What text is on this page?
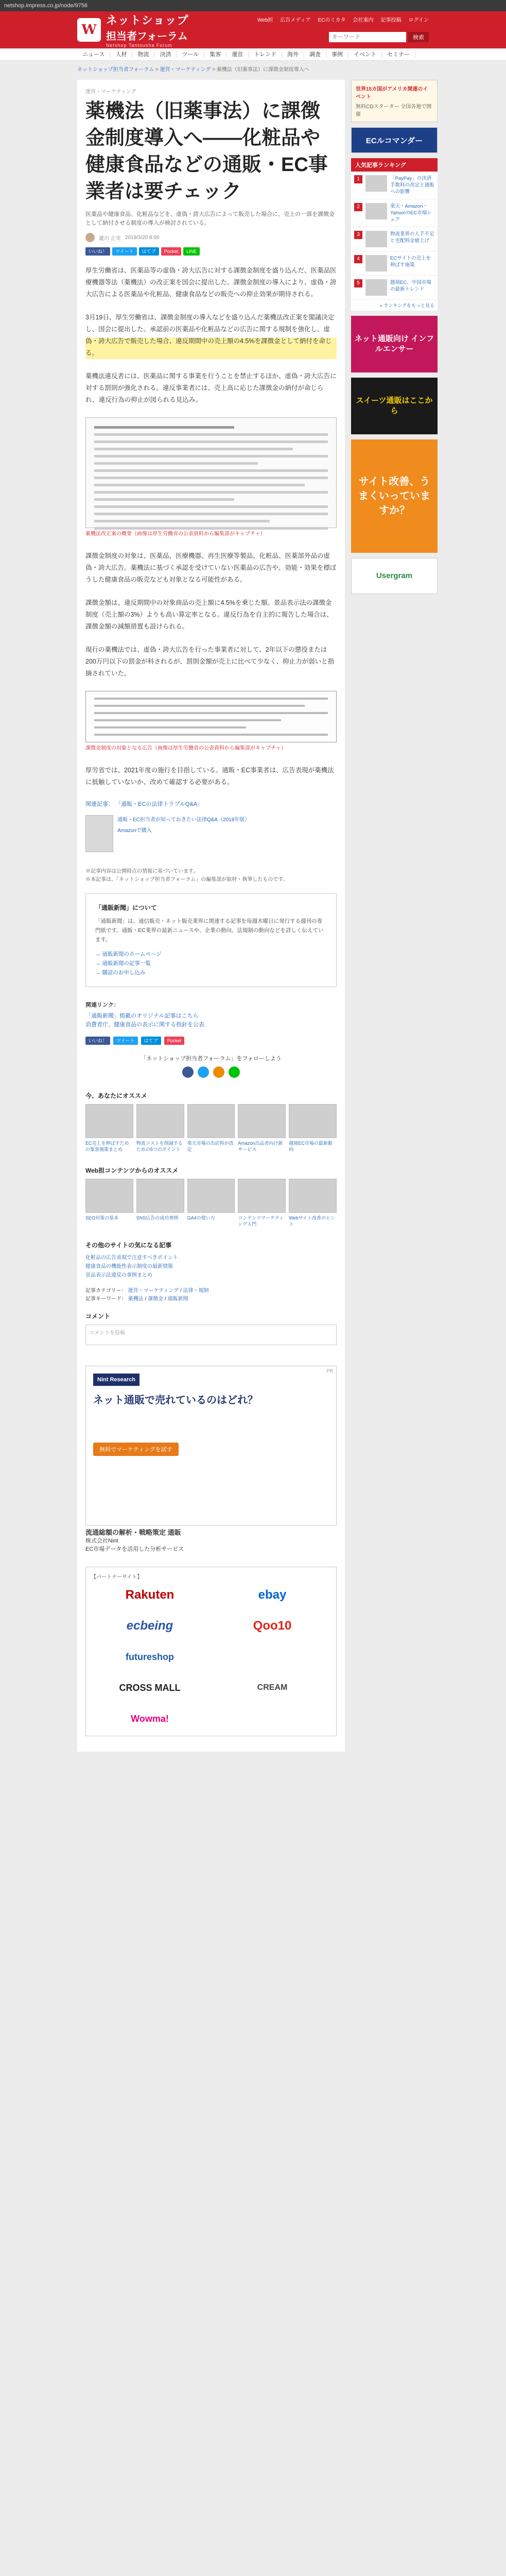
netshop.impress.co.jp/node/9756
W
ネットショップ
担当者フォーラム
Netshop Tantousha Forum
Web担 広告メディア ECのミカタ 会社案内 記事投稿 ログイン
キーワード
検索
ニュース	人材	物流	決済	ツール	集客	運営	トレンド	海外	調査	事例	イベント	セミナー
ネットショップ担当者フォーラム > 運営・マーケティング > 薬機法（旧薬事法）に課徴金制度導入へ
運営・マーケティング
薬機法（旧薬事法）に課徴金制度導入へ――化粧品や健康食品などの通販・EC事業者は要チェック
医薬品や健康食品、化粧品などを、虚偽・誇大広告によって販売した場合に、売上の一部を課徴金として納付させる制度の導入が検討されている。
瀧川 正実 2019/3/20 8:00
いいね！	ツイート	はてブ	Pocket	LINE

厚生労働省は、医薬品等の虚偽・誇大広告に対する課徴金制度を盛り込んだ、医薬品医療機器等法（薬機法）の改正案を国会に提出した。課徴金制度の導入により、虚偽・誇大広告による医薬品や化粧品、健康食品などの販売への抑止効果が期待される。

3月19日、厚生労働省は、課徴金制度の導入などを盛り込んだ薬機法改正案を閣議決定し、国会に提出した。承認前の医薬品や化粧品などの広告に関する規制を強化し、虚偽・誇大広告で販売した場合、違反期間中の売上額の4.5%を課徴金として納付を命じる。

薬機法違反者には、医薬品に関する事業を行うことを禁止するほか、虚偽・誇大広告に対する罰則が強化される。違反事業者には、売上高に応じた課徴金の納付が命じられ、違反行為の抑止が図られる見込み。

薬機法改正案の概要（画像は厚生労働省の公表資料から編集部がキャプチャ）

課徴金制度の対象は、医薬品、医療機器、再生医療等製品、化粧品、医薬部外品の虚偽・誇大広告。薬機法に基づく承認を受けていない医薬品の広告や、効能・効果を標ぼうした健康食品の販売なども対象となる可能性がある。

課徴金額は、違反期間中の対象商品の売上額に4.5%を乗じた額。景品表示法の課徴金制度（売上額の3%）よりも高い算定率となる。違反行為を自主的に報告した場合は、課徴金額の減額措置も設けられる。

現行の薬機法では、虚偽・誇大広告を行った事業者に対して、2年以下の懲役または200万円以下の罰金が科されるが、罰則金額が売上に比べて少なく、抑止力が弱いと指摘されていた。

課徴金制度の対象となる広告（画像は厚生労働省の公表資料から編集部がキャプチャ）

厚労省では、2021年度の施行を目指している。通販・EC事業者は、広告表現が薬機法に抵触していないか、改めて確認する必要がある。

関連記事： 「通販・ECの法律トラブルQ&A」
通販・EC担当者が知っておきたい法律Q&A（2018年版）
Amazonで購入
※記事内容は公開時点の情報に基づいています。
※本記事は、「ネットショップ担当者フォーラム」の編集部が取材・執筆したものです。
「通販新聞」について
「通販新聞」は、通信販売・ネット販売業界に関連する記事を毎週木曜日に発行する週刊の専門紙です。通販・EC業界の最新ニュースや、企業の動向、法規制の動向などを詳しく伝えています。
→ 通販新聞のホームページ
→ 通販新聞の記事一覧
→ 購読のお申し込み
関連リンク：
「通販新聞」掲載のオリジナル記事はこちら
消費者庁、健康食品の表示に関する指針を公表
いいね！	ツイート	はてブ	Pocket
「ネットショップ担当者フォーラム」をフォローしよう
今、あなたにオススメ
EC売上を伸ばすための集客施策まとめ
物流コストを削減するための5つのポイント
楽天市場の出店料が改定
Amazon出品者向け新サービス
越境EC市場の最新動向
Web担コンテンツからのオススメ
SEO対策の基本	SNS広告の成功事例	GA4の使い方	コンテンツマーケティング入門
Webサイト改善のヒント
その他のサイトの気になる記事
化粧品の広告表現で注意すべきポイント
健康食品の機能性表示制度の最新情報
景品表示法違反の事例まとめ
記事カテゴリー： 運営・マーケティング / 法律・規制
記事キーワード： 薬機法 / 課徴金 / 通販新聞
コメント
コメントを投稿
Nint Research
ネット通販で売れているのはどれ？
無料でマーケティングを試す
PR
流通総額の解析・戦略策定 通販
株式会社Nint
EC市場データを活用した分析サービス
【パートナーサイト】
Rakuten	ebay
ecbeing	Qoo10
futureshop
CROSS MALL	CREAM
Wowma!
世界15カ国がアメリカ関連のイベント
無料CDスターター 全国各地で開催
ECルコマンダー
人気記事ランキング
1	「PayPay」の決済手数料の改定と通販への影響
2	楽天・Amazon・Yahoo!のEC市場シェア
3	物流業界の人手不足と宅配料金値上げ
4	ECサイトの売上を伸ばす施策
5	越境EC、中国市場の最新トレンド
» ランキングをもっと見る
ネット通販向け インフルエンサー
スイーツ通販はここから
サイト改善、うまくいっていますか？
Usergram
